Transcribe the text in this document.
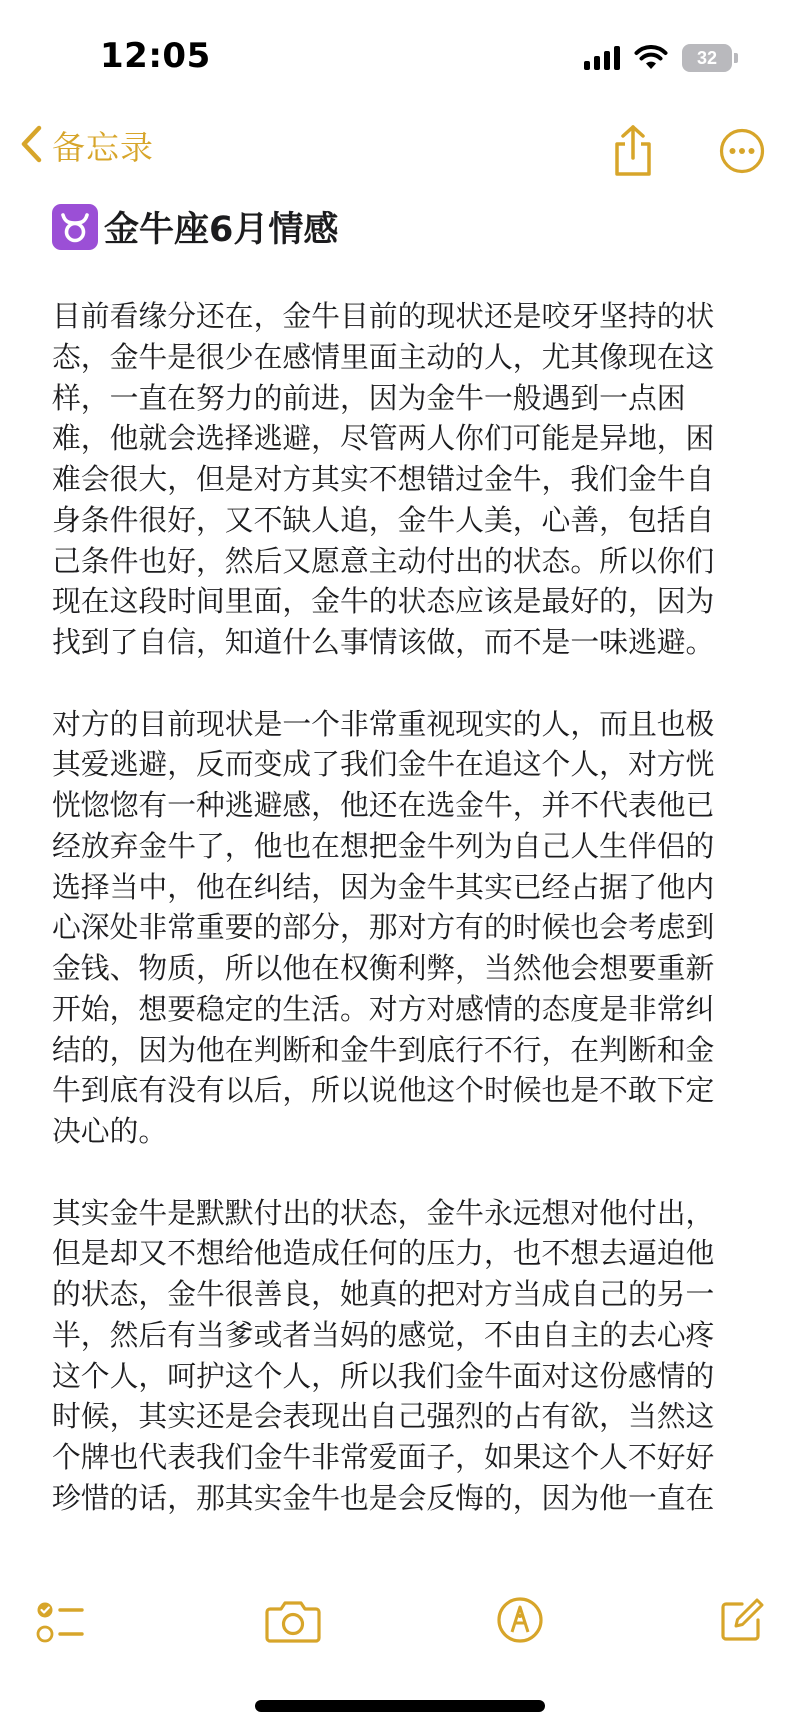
12:05	32
备忘录
金牛座6月情感
目前看缘分还在，金牛目前的现状还是咬牙坚持的状
态，金牛是很少在感情里面主动的人，尤其像现在这
样，一直在努力的前进，因为金牛一般遇到一点困
难，他就会选择逃避，尽管两人你们可能是异地，困
难会很大，但是对方其实不想错过金牛，我们金牛自
身条件很好，又不缺人追，金牛人美，心善，包括自
己条件也好，然后又愿意主动付出的状态。所以你们
现在这段时间里面，金牛的状态应该是最好的，因为
找到了自信，知道什么事情该做，而不是一味逃避。
对方的目前现状是一个非常重视现实的人，而且也极
其爱逃避，反而变成了我们金牛在追这个人，对方恍
恍惚惚有一种逃避感，他还在选金牛，并不代表他已
经放弃金牛了，他也在想把金牛列为自己人生伴侣的
选择当中，他在纠结，因为金牛其实已经占据了他内
心深处非常重要的部分，那对方有的时候也会考虑到
金钱、物质，所以他在权衡利弊，当然他会想要重新
开始，想要稳定的生活。对方对感情的态度是非常纠
结的，因为他在判断和金牛到底行不行，在判断和金
牛到底有没有以后，所以说他这个时候也是不敢下定
决心的。
其实金牛是默默付出的状态，金牛永远想对他付出，
但是却又不想给他造成任何的压力，也不想去逼迫他
的状态，金牛很善良，她真的把对方当成自己的另一
半，然后有当爹或者当妈的感觉，不由自主的去心疼
这个人，呵护这个人，所以我们金牛面对这份感情的
时候，其实还是会表现出自己强烈的占有欲，当然这
个牌也代表我们金牛非常爱面子，如果这个人不好好
珍惜的话，那其实金牛也是会反悔的，因为他一直在
